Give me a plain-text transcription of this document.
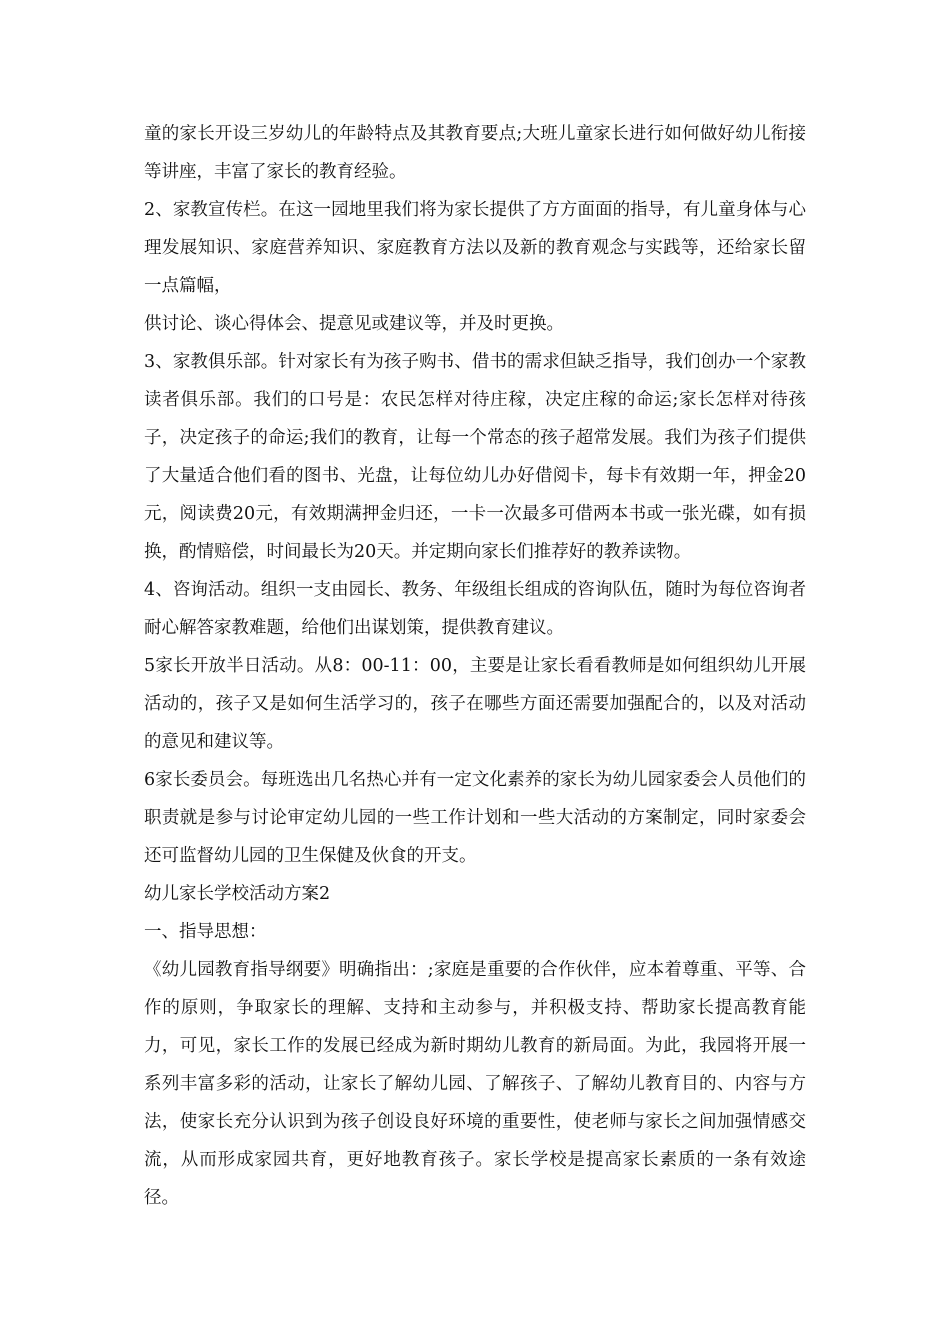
童的家长开设三岁幼儿的年龄特点及其教育要点;大班儿童家长进行如何做好幼儿衔接等讲座，丰富了家长的教育经验。

2、家教宣传栏。在这一园地里我们将为家长提供了方方面面的指导，有儿童身体与心理发展知识、家庭营养知识、家庭教育方法以及新的教育观念与实践等，还给家长留一点篇幅，

供讨论、谈心得体会、提意见或建议等，并及时更换。

3、家教俱乐部。针对家长有为孩子购书、借书的需求但缺乏指导，我们创办一个家教读者俱乐部。我们的口号是：农民怎样对待庄稼，决定庄稼的命运;家长怎样对待孩子，决定孩子的命运;我们的教育，让每一个常态的孩子超常发展。我们为孩子们提供了大量适合他们看的图书、光盘，让每位幼儿办好借阅卡，每卡有效期一年，押金20元，阅读费20元，有效期满押金归还，一卡一次最多可借两本书或一张光碟，如有损换，酌情赔偿，时间最长为20天。并定期向家长们推荐好的教养读物。

4、咨询活动。组织一支由园长、教务、年级组长组成的咨询队伍，随时为每位咨询者耐心解答家教难题，给他们出谋划策，提供教育建议。

5家长开放半日活动。从8：00-11：00，主要是让家长看看教师是如何组织幼儿开展活动的，孩子又是如何生活学习的，孩子在哪些方面还需要加强配合的，以及对活动的意见和建议等。

6家长委员会。每班选出几名热心并有一定文化素养的家长为幼儿园家委会人员他们的职责就是参与讨论审定幼儿园的一些工作计划和一些大活动的方案制定，同时家委会还可监督幼儿园的卫生保健及伙食的开支。

幼儿家长学校活动方案2

一、指导思想：

《幼儿园教育指导纲要》明确指出：;家庭是重要的合作伙伴，应本着尊重、平等、合作的原则，争取家长的理解、支持和主动参与，并积极支持、帮助家长提高教育能力，可见，家长工作的发展已经成为新时期幼儿教育的新局面。为此，我园将开展一系列丰富多彩的活动，让家长了解幼儿园、了解孩子、了解幼儿教育目的、内容与方法，使家长充分认识到为孩子创设良好环境的重要性，使老师与家长之间加强情感交流，从而形成家园共育，更好地教育孩子。家长学校是提高家长素质的一条有效途径。
